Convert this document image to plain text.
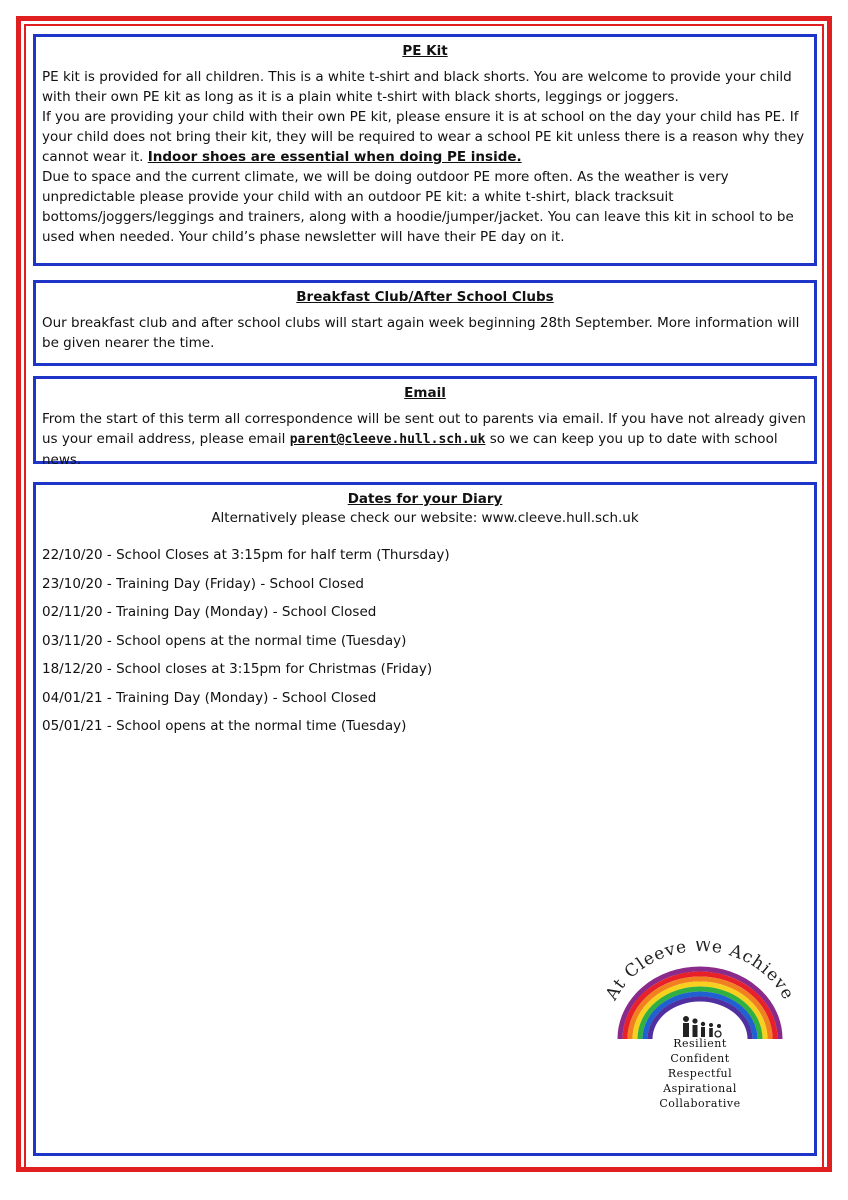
PE Kit

PE kit is provided for all children. This is a white t-shirt and black shorts. You are welcome to provide your child with their own PE kit as long as it is a plain white t-shirt with black shorts, leggings or joggers.

If you are providing your child with their own PE kit, please ensure it is at school on the day your child has PE. If your child does not bring their kit, they will be required to wear a school PE kit unless there is a reason why they cannot wear it. Indoor shoes are essential when doing PE inside.

Due to space and the current climate, we will be doing outdoor PE more often. As the weather is very unpredictable please provide your child with an outdoor PE kit: a white t-shirt, black tracksuit bottoms/joggers/leggings and trainers, along with a hoodie/jumper/jacket. You can leave this kit in school to be used when needed. Your child’s phase newsletter will have their PE day on it.

Breakfast Club/After School Clubs

Our breakfast club and after school clubs will start again week beginning 28th September. More information will be given nearer the time.

Email

From the start of this term all correspondence will be sent out to parents via email. If you have not already given us your email address, please email parent@cleeve.hull.sch.uk so we can keep you up to date with school news.

Dates for your Diary
Alternatively please check our website: www.cleeve.hull.sch.uk
22/10/20 - School Closes at 3:15pm for half term (Thursday)
23/10/20 - Training Day (Friday) - School Closed
02/11/20 - Training Day (Monday) - School Closed
03/11/20 - School opens at the normal time (Tuesday)
18/12/20 - School closes at 3:15pm for Christmas (Friday)
04/01/21 - Training Day (Monday) - School Closed
05/01/21 - School opens at the normal time (Tuesday)
At Cleeve We Achieve
Resilient
Confident
Respectful
Aspirational
Collaborative
